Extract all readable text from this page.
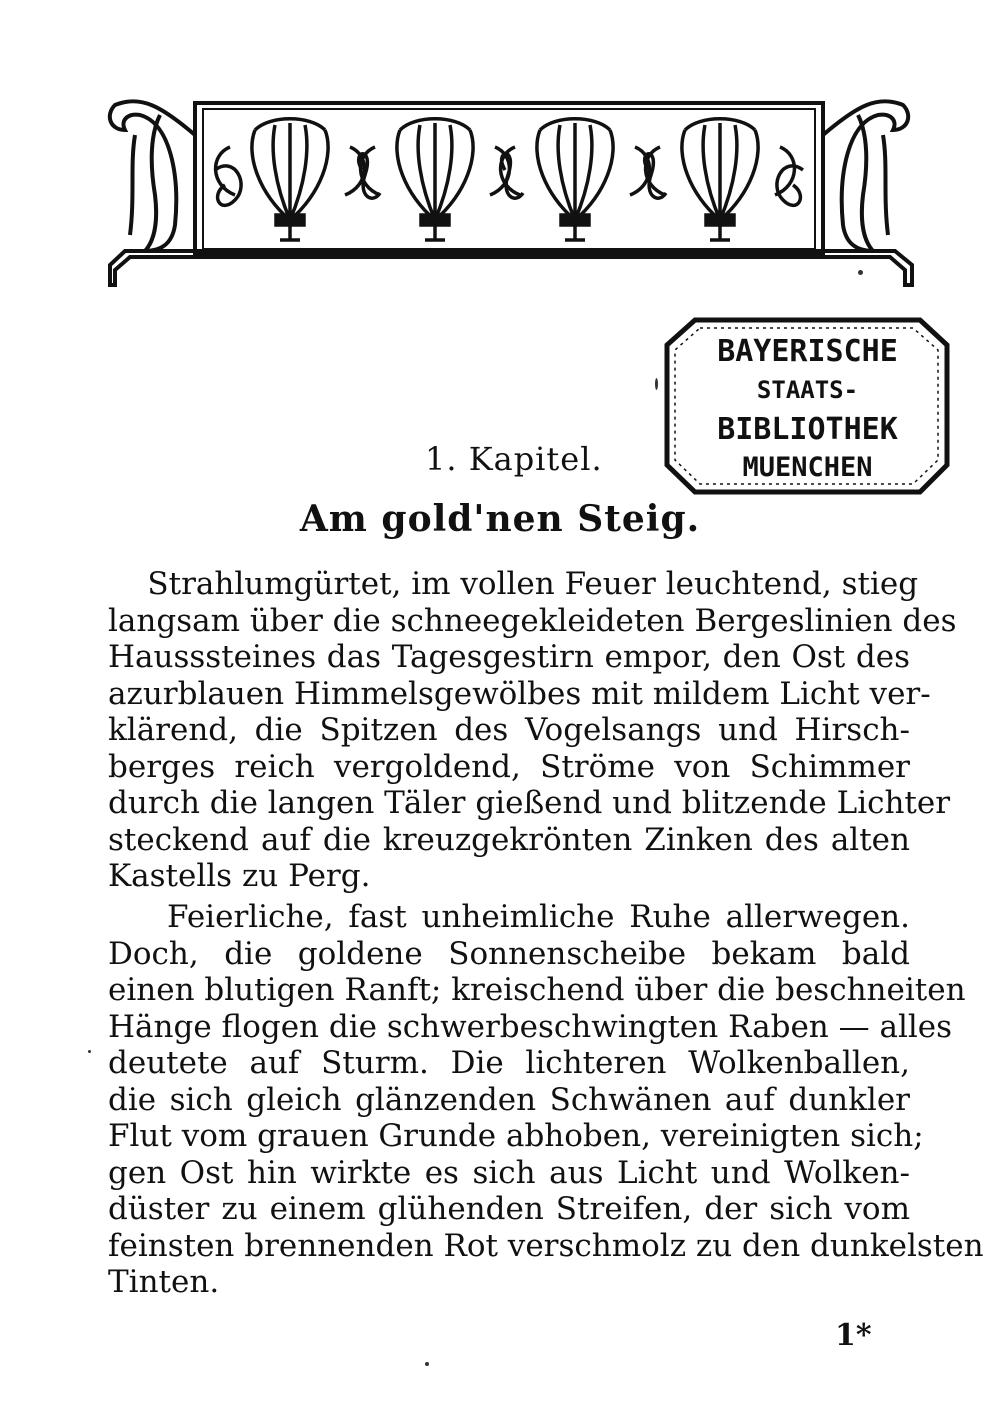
BAYERISCHE
STAATS-
BIBLIOTHEK
MUENCHEN
1. Kapitel.
Am gold'nen Steig.
Strahlumgürtet, im vollen Feuer leuchtend, stieg
langsam über die schneegekleideten Bergeslinien des
Hausssteines das Tagesgestirn empor, den Ost des
azurblauen Himmelsgewölbes mit mildem Licht ver-
klärend, die Spitzen des Vogelsangs und Hirsch-
berges reich vergoldend, Ströme von Schimmer
durch die langen Täler gießend und blitzende Lichter
steckend auf die kreuzgekrönten Zinken des alten
Kastells zu Perg.
Feierliche, fast unheimliche Ruhe allerwegen.
Doch, die goldene Sonnenscheibe bekam bald
einen blutigen Ranft; kreischend über die beschneiten
Hänge flogen die schwerbeschwingten Raben — alles
deutete auf Sturm. Die lichteren Wolkenballen,
die sich gleich glänzenden Schwänen auf dunkler
Flut vom grauen Grunde abhoben, vereinigten sich;
gen Ost hin wirkte es sich aus Licht und Wolken-
düster zu einem glühenden Streifen, der sich vom
feinsten brennenden Rot verschmolz zu den dunkelsten
Tinten.
1*
